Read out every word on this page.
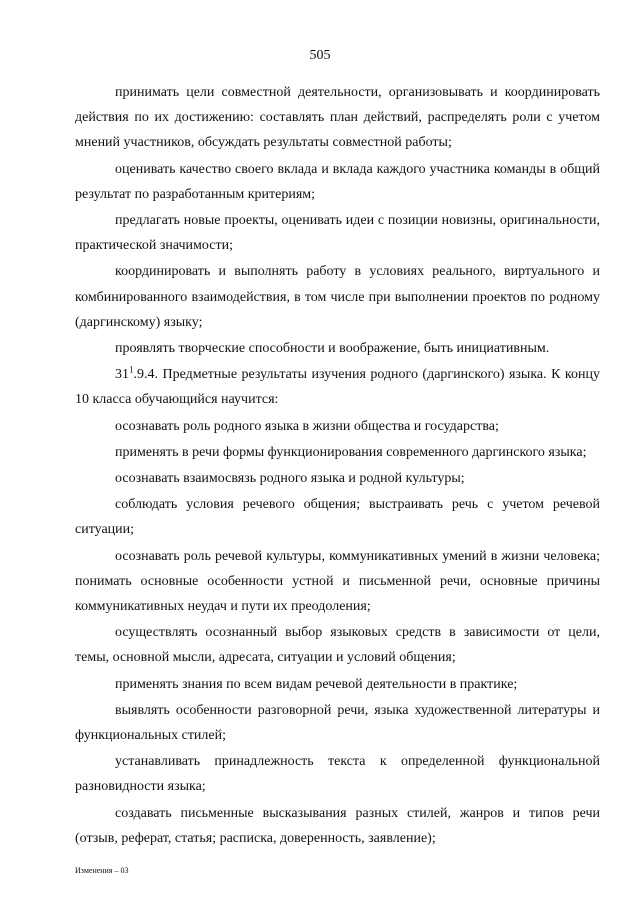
505

принимать цели совместной деятельности, организовывать и координировать действия по их достижению: составлять план действий, распределять роли с учетом мнений участников, обсуждать результаты совместной работы;

оценивать качество своего вклада и вклада каждого участника команды в общий результат по разработанным критериям;

предлагать новые проекты, оценивать идеи с позиции новизны, оригинальности, практической значимости;

координировать и выполнять работу в условиях реального, виртуального и комбинированного взаимодействия, в том числе при выполнении проектов по родному (даргинскому) языку;

проявлять творческие способности и воображение, быть инициативным.

$31^1.9.4$. Предметные результаты изучения родного (даргинского) языка. К концу 10 класса обучающийся научится:

осознавать роль родного языка в жизни общества и государства;

применять в речи формы функционирования современного даргинского языка;

осознавать взаимосвязь родного языка и родной культуры;

соблюдать условия речевого общения; выстраивать речь с учетом речевой ситуации;

осознавать роль речевой культуры, коммуникативных умений в жизни человека; понимать основные особенности устной и письменной речи, основные причины коммуникативных неудач и пути их преодоления;

осуществлять осознанный выбор языковых средств в зависимости от цели, темы, основной мысли, адресата, ситуации и условий общения;

применять знания по всем видам речевой деятельности в практике;

выявлять особенности разговорной речи, языка художественной литературы и функциональных стилей;

устанавливать принадлежность текста к определенной функциональной разновидности языка;

создавать письменные высказывания разных стилей, жанров и типов речи (отзыв, реферат, статья; расписка, доверенность, заявление);

Изменения – 03
